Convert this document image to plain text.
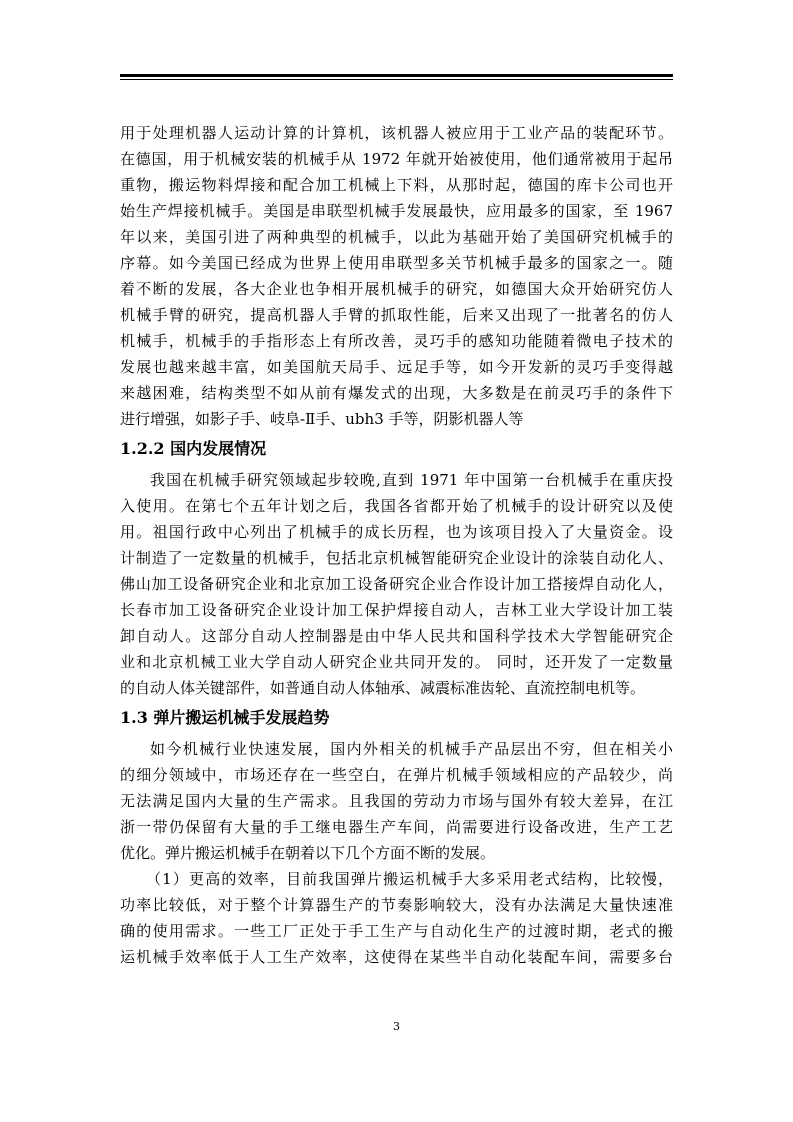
用于处理机器人运动计算的计算机，该机器人被应用于工业产品的装配环节。
在德国，用于机械安装的机械手从 1972 年就开始被使用，他们通常被用于起吊
重物，搬运物料焊接和配合加工机械上下料，从那时起，德国的库卡公司也开
始生产焊接机械手。美国是串联型机械手发展最快，应用最多的国家，至 1967
年以来，美国引进了两种典型的机械手，以此为基础开始了美国研究机械手的
序幕。如今美国已经成为世界上使用串联型多关节机械手最多的国家之一。随
着不断的发展，各大企业也争相开展机械手的研究，如德国大众开始研究仿人
机械手臂的研究，提高机器人手臂的抓取性能，后来又出现了一批著名的仿人
机械手，机械手的手指形态上有所改善，灵巧手的感知功能随着微电子技术的
发展也越来越丰富，如美国航天局手、远足手等，如今开发新的灵巧手变得越
来越困难，结构类型不如从前有爆发式的出现，大多数是在前灵巧手的条件下
进行增强，如影子手、岐阜-Ⅱ手、ubh3 手等，阴影机器人等

1.2.2 国内发展情况

我国在机械手研究领域起步较晚,直到 1971 年中国第一台机械手在重庆投
入使用。在第七个五年计划之后，我国各省都开始了机械手的设计研究以及使
用。祖国行政中心列出了机械手的成长历程，也为该项目投入了大量资金。设
计制造了一定数量的机械手，包括北京机械智能研究企业设计的涂装自动化人、
佛山加工设备研究企业和北京加工设备研究企业合作设计加工搭接焊自动化人，
长春市加工设备研究企业设计加工保护焊接自动人，吉林工业大学设计加工装
卸自动人。这部分自动人控制器是由中华人民共和国科学技术大学智能研究企
业和北京机械工业大学自动人研究企业共同开发的。 同时，还开发了一定数量
的自动人体关键部件，如普通自动人体轴承、减震标准齿轮、直流控制电机等。

1.3 弹片搬运机械手发展趋势

如今机械行业快速发展，国内外相关的机械手产品层出不穷，但在相关小
的细分领域中，市场还存在一些空白，在弹片机械手领域相应的产品较少，尚
无法满足国内大量的生产需求。且我国的劳动力市场与国外有较大差异，在江
浙一带仍保留有大量的手工继电器生产车间，尚需要进行设备改进，生产工艺
优化。弹片搬运机械手在朝着以下几个方面不断的发展。

（1）更高的效率，目前我国弹片搬运机械手大多采用老式结构，比较慢，
功率比较低，对于整个计算器生产的节奏影响较大，没有办法满足大量快速准
确的使用需求。一些工厂正处于手工生产与自动化生产的过渡时期，老式的搬
运机械手效率低于人工生产效率，这使得在某些半自动化装配车间，需要多台

3
